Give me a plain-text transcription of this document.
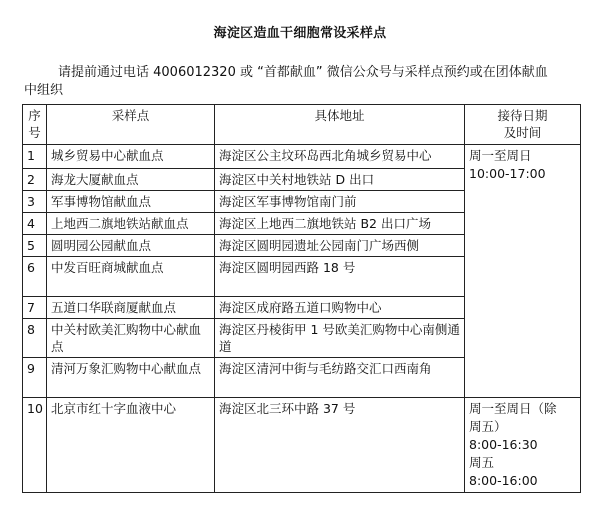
海淀区造血干细胞常设采样点
请提前通过电话 4006012320 或 “首都献血” 微信公众号与采样点预约或在团体献血
中组织
序
号	采样点	具体地址	接待日期
及时间

1	城乡贸易中心献血点	海淀区公主坟环岛西北角城乡贸易中心	周一至周日
10:00-17:00

2	海龙大厦献血点	海淀区中关村地铁站 D 出口	
3	军事博物馆献血点	海淀区军事博物馆南门前	
4	上地西二旗地铁站献血点	海淀区上地西二旗地铁站 B2 出口广场	
5	圆明园公园献血点	海淀区圆明园遗址公园南门广场西侧	
6	中发百旺商城献血点	海淀区圆明园西路 18 号	
7	五道口华联商厦献血点	海淀区成府路五道口购物中心	
8	中关村欧美汇购物中心献血点	海淀区丹棱街甲 1 号欧美汇购物中心南侧通道	
9	清河万象汇购物中心献血点	海淀区清河中街与毛纺路交汇口西南角	
10	北京市红十字血液中心	海淀区北三环中路 37 号	周一至周日（除
周五）
8:00-16:30
周五
8:00-16:00
